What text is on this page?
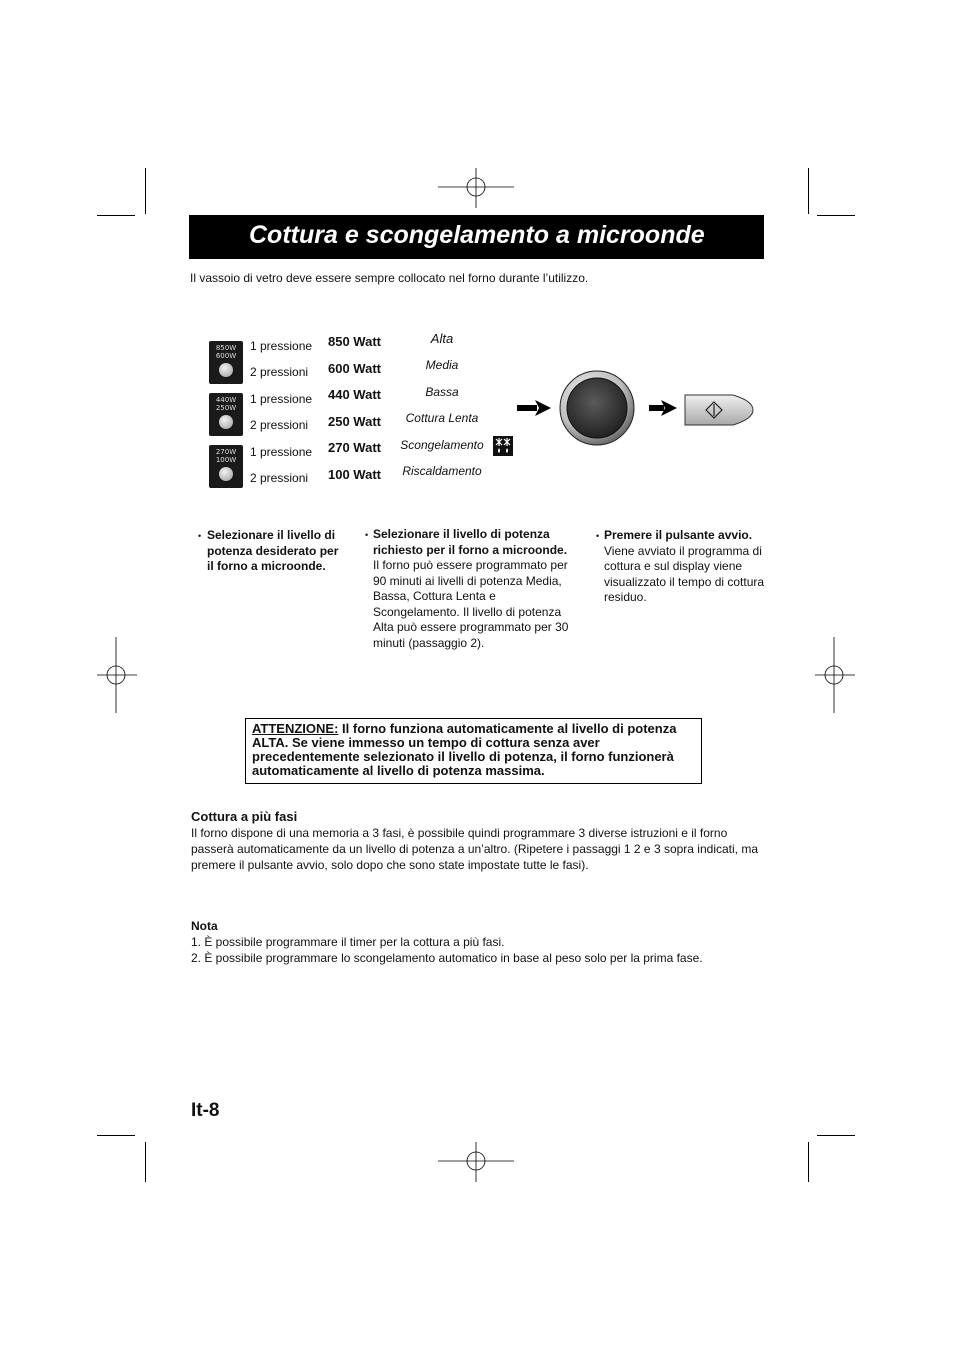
Cottura e scongelamento a microonde
Il vassoio di vetro deve essere sempre collocato nel forno durante l’utilizzo.
850W
600W
440W
250W
270W
100W
1 pressione
2 pressioni
1 pressione
2 pressioni
1 pressione
2 pressioni
850 Watt
600 Watt
440 Watt
250 Watt
270 Watt
100 Watt
Alta
Media
Bassa
Cottura Lenta
Scongelamento
Riscaldamento
• Selezionare il livello di potenza desiderato per il forno a microonde.
• Selezionare il livello di potenza richiesto per il forno a microonde.
Il forno può essere programmato per 90 minuti ai livelli di potenza Media, Bassa, Cottura Lenta e Scongelamento. Il livello di potenza Alta può essere programmato per 30 minuti (passaggio 2).
• Premere il pulsante avvio.
Viene avviato il programma di cottura e sul display viene visualizzato il tempo di cottura residuo.
ATTENZIONE: Il forno funziona automaticamente al livello di potenza ALTA. Se viene immesso un tempo di cottura senza aver precedentemente selezionato il livello di potenza, il forno funzionerà automaticamente al livello di potenza massima.
Cottura a più fasi
Il forno dispone di una memoria a 3 fasi, è possibile quindi programmare 3 diverse istruzioni e il forno passerà automaticamente da un livello di potenza a un’altro. (Ripetere i passaggi 1 2 e 3 sopra indicati, ma premere il pulsante avvio, solo dopo che sono state impostate tutte le fasi).
Nota
1. È possibile programmare il timer per la cottura a più fasi.
2. È possibile programmare lo scongelamento automatico in base al peso solo per la prima fase.
It-8
